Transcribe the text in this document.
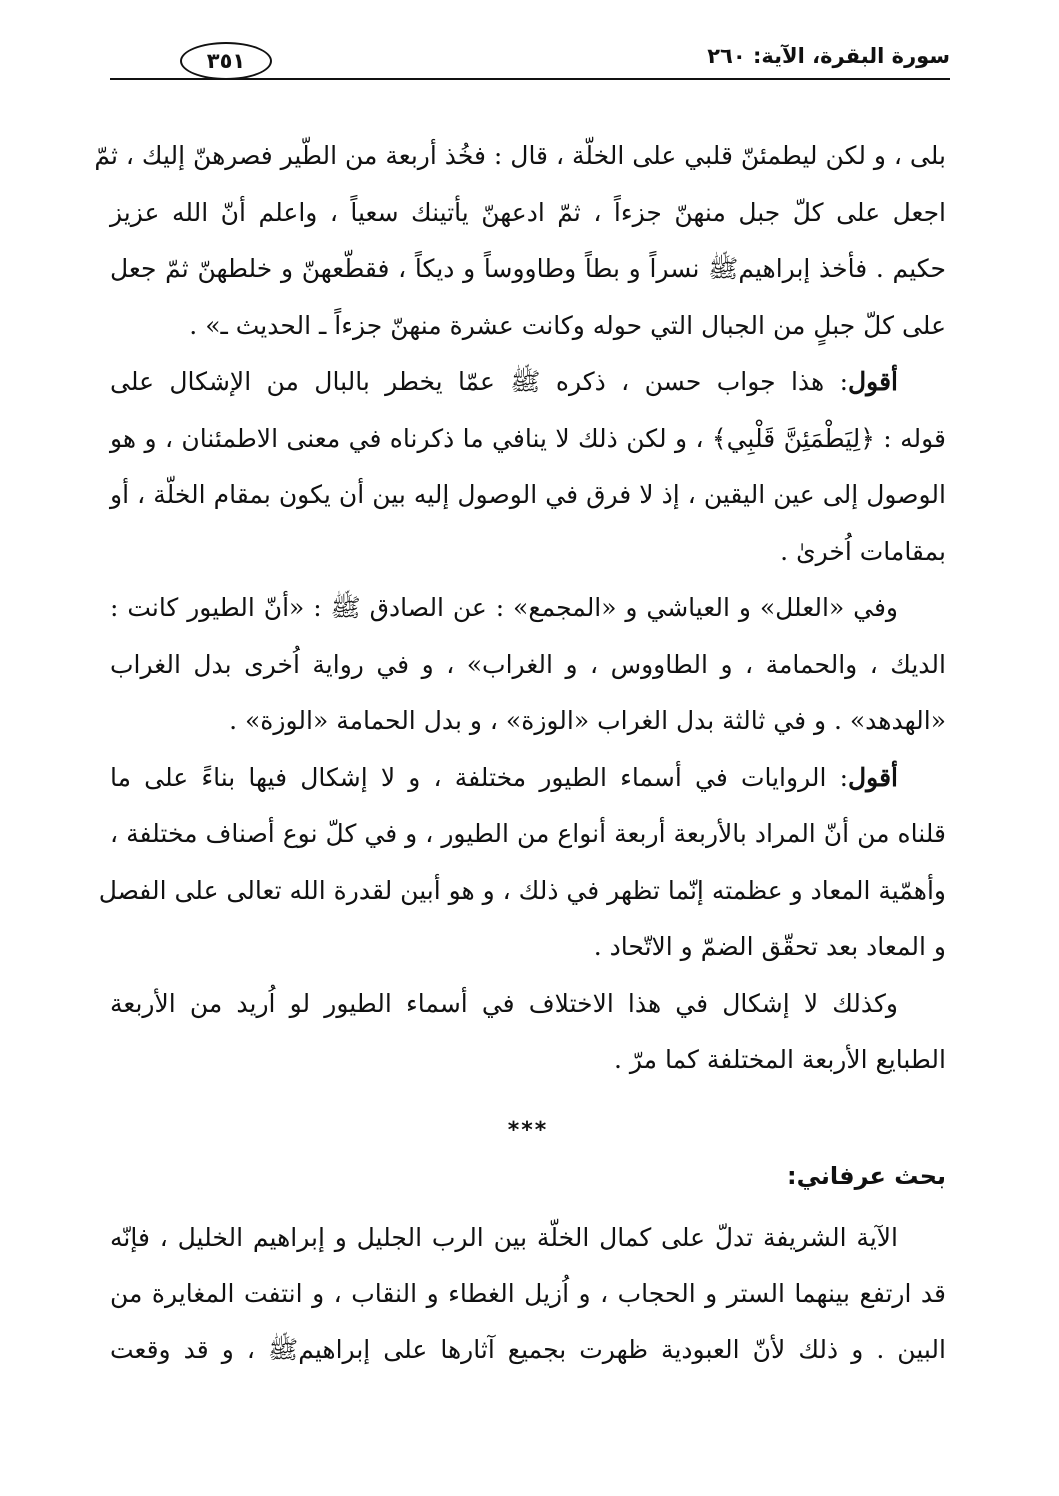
سورة البقرة، الآية: ٢٦٠
٣٥١
بلى ، و لكن ليطمئنّ قلبي على الخلّة ، قال : فخُذ أربعة من الطّير فصرهنّ إليك ، ثمّ
اجعل على كلّ جبل منهنّ جزءاً ، ثمّ ادعهنّ يأتينك سعياً ، واعلم أنّ الله عزيز
حكيم . فأخذ إبراهيمﷺ نسراً و بطاً وطاووساً و ديكاً ، فقطّعهنّ و خلطهنّ ثمّ جعل
على كلّ جبلٍ من الجبال التي حوله وكانت عشرة منهنّ جزءاً ـ الحديث ـ» .
أقول: هذا جواب حسن ، ذكره ﷺ عمّا يخطر بالبال من الإشكال على
قوله : ﴿لِيَطْمَئِنَّ قَلْبِي﴾ ، و لكن ذلك لا ينافي ما ذكرناه في معنى الاطمئنان ، و هو
الوصول إلى عين اليقين ، إذ لا فرق في الوصول إليه بين أن يكون بمقام الخلّة ، أو
بمقامات اُخرىٰ .
وفي «العلل» و العياشي و «المجمع» : عن الصادق ﷺ : «أنّ الطيور كانت :
الديك ، والحمامة ، و الطاووس ، و الغراب» ، و في رواية اُخرى بدل الغراب
«الهدهد» . و في ثالثة بدل الغراب «الوزة» ، و بدل الحمامة «الوزة» .
أقول: الروايات في أسماء الطيور مختلفة ، و لا إشكال فيها بناءً على ما
قلناه من أنّ المراد بالأربعة أربعة أنواع من الطيور ، و في كلّ نوع أصناف مختلفة ،
وأهمّية المعاد و عظمته إنّما تظهر في ذلك ، و هو أبين لقدرة الله تعالى على الفصل
و المعاد بعد تحقّق الضمّ و الاتّحاد .
وكذلك لا إشكال في هذا الاختلاف في أسماء الطيور لو اُريد من الأربعة
الطبايع الأربعة المختلفة كما مرّ .
***
بحث عرفاني:
الآية الشريفة تدلّ على كمال الخلّة بين الرب الجليل و إبراهيم الخليل ، فإنّه
قد ارتفع بينهما الستر و الحجاب ، و اُزيل الغطاء و النقاب ، و انتفت المغايرة من
البين . و ذلك لأنّ العبودية ظهرت بجميع آثارها على إبراهيمﷺ ، و قد وقعت
